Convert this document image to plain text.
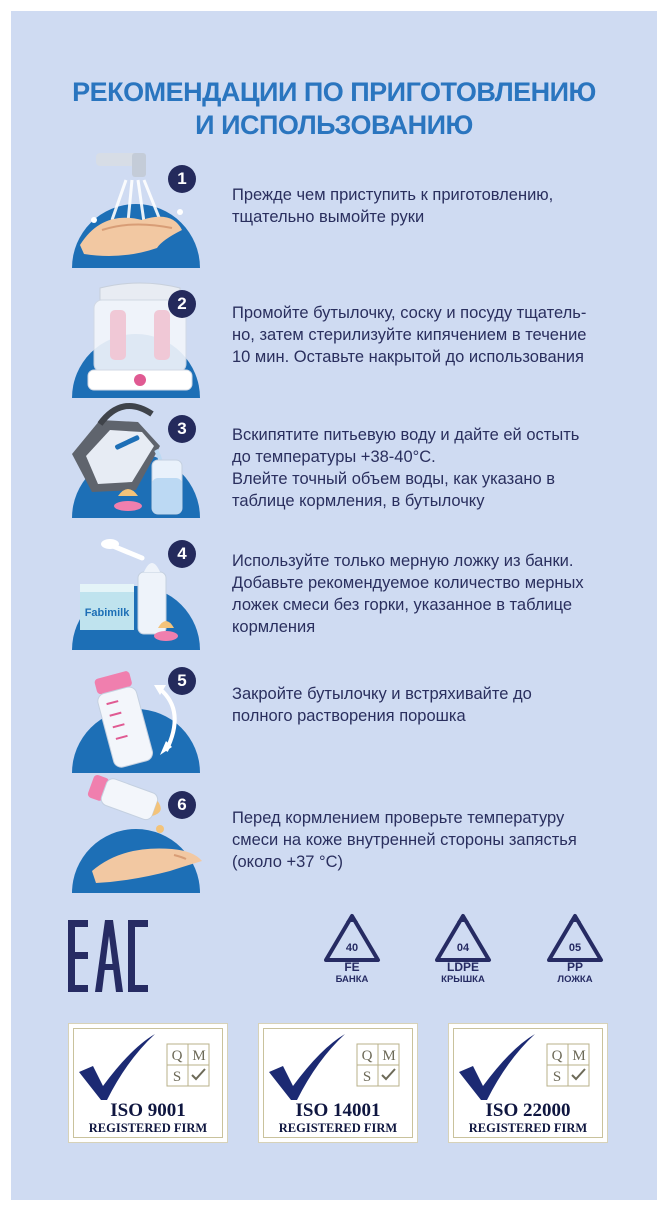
РЕКОМЕНДАЦИИ ПО ПРИГОТОВЛЕНИЮ
И ИСПОЛЬЗОВАНИЮ
1
Прежде чем приступить к приготовлению,
тщательно вымойте руки
2	Промойте бутылочку, соску и посуду тщатель-
но, затем стерилизуйте кипячением в течение
10 мин. Оставьте накрытой до использования
3	Вскипятите питьевую воду и дайте ей остыть
до температуры +38-40°С.
Влейте точный объем воды, как указано в
таблице кормления, в бутылочку
Fabimilk
4	Используйте только мерную ложку из банки.
Добавьте рекомендуемое количество мерных
ложек смеси без горки, указанное в таблице
кормления
5
Закройте бутылочку и встряхивайте до
полного растворения порошка
6
Перед кормлением проверьте температуру
смеси на коже внутренней стороны запястья
(около +37 °С)
40
FE
БАНКА
04
LDPE
КРЫШКА
05
PP
ЛОЖКА
Q M
S
ISO 9001
REGISTERED FIRM
Q M
S
ISO 14001
REGISTERED FIRM
Q M
S
ISO 22000
REGISTERED FIRM
